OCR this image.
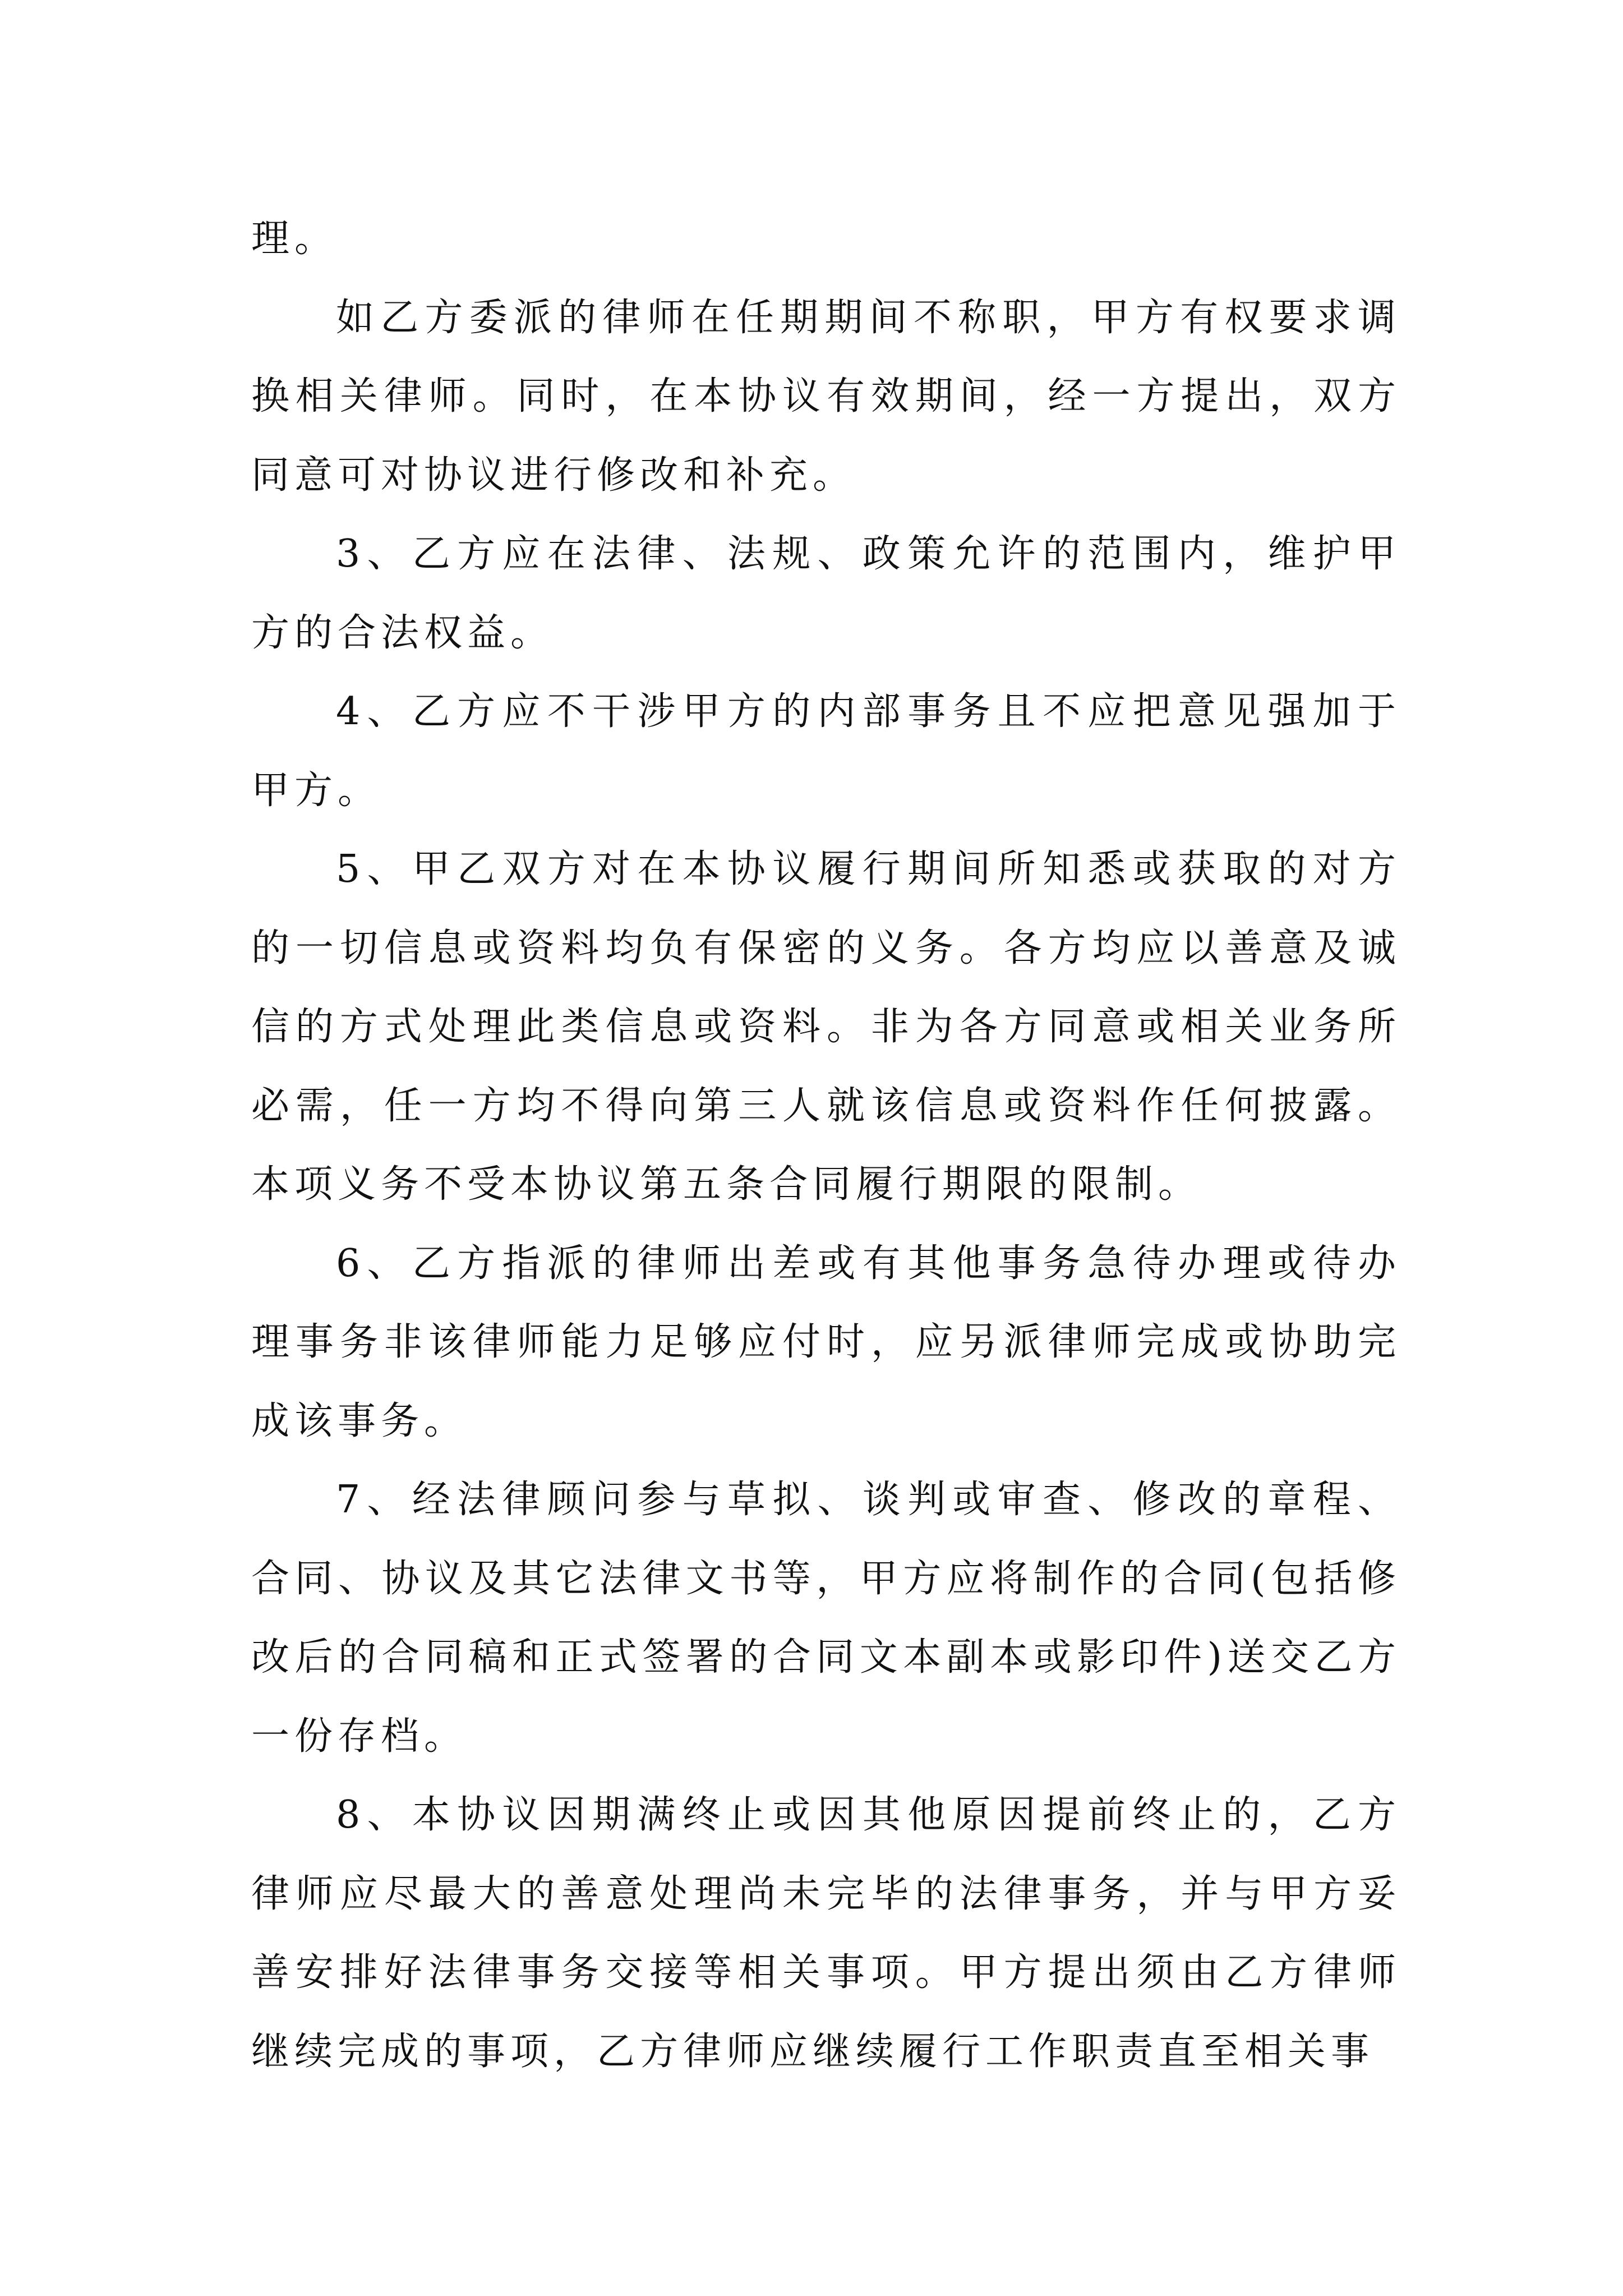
理。

如乙方委派的律师在任期期间不称职，甲方有权要求调换相关律师。同时，在本协议有效期间，经一方提出，双方同意可对协议进行修改和补充。

3、乙方应在法律、法规、政策允许的范围内，维护甲方的合法权益。

4、乙方应不干涉甲方的内部事务且不应把意见强加于甲方。

5、甲乙双方对在本协议履行期间所知悉或获取的对方的一切信息或资料均负有保密的义务。各方均应以善意及诚信的方式处理此类信息或资料。非为各方同意或相关业务所必需，任一方均不得向第三人就该信息或资料作任何披露。本项义务不受本协议第五条合同履行期限的限制。

6、乙方指派的律师出差或有其他事务急待办理或待办理事务非该律师能力足够应付时，应另派律师完成或协助完成该事务。

7、经法律顾问参与草拟、谈判或审查、修改的章程、合同、协议及其它法律文书等，甲方应将制作的合同(包括修改后的合同稿和正式签署的合同文本副本或影印件)送交乙方一份存档。

8、本协议因期满终止或因其他原因提前终止的，乙方律师应尽最大的善意处理尚未完毕的法律事务，并与甲方妥善安排好法律事务交接等相关事项。甲方提出须由乙方律师继续完成的事项，乙方律师应继续履行工作职责直至相关事
